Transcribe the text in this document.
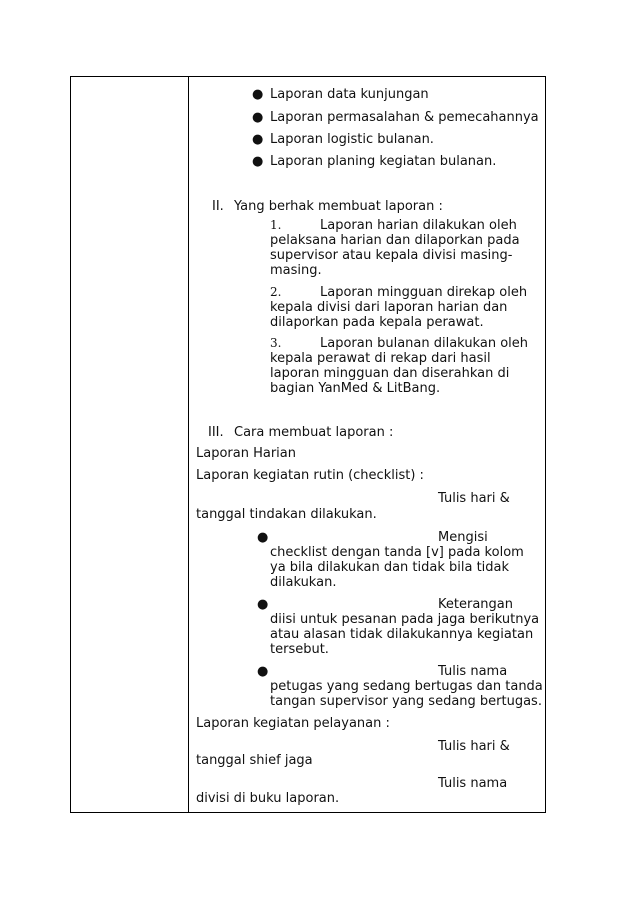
● Laporan data kunjungan
● Laporan permasalahan & pemecahannya
● Laporan logistic bulanan.
● Laporan planing kegiatan bulanan.
II. Yang berhak membuat laporan :
1.	Laporan harian dilakukan oleh
pelaksana harian dan dilaporkan pada
supervisor atau kepala divisi masing-
masing.
2.	Laporan mingguan direkap oleh
kepala divisi dari laporan harian dan
dilaporkan pada kepala perawat.
3.	Laporan bulanan dilakukan oleh
kepala perawat di rekap dari hasil
laporan mingguan dan diserahkan di
bagian YanMed & LitBang.
III. Cara membuat laporan :
Laporan Harian
Laporan kegiatan rutin (checklist) :
Tulis hari &
tanggal tindakan dilakukan.
●	Mengisi
checklist dengan tanda [v] pada kolom
ya bila dilakukan dan tidak bila tidak
dilakukan.
●	Keterangan
diisi untuk pesanan pada jaga berikutnya
atau alasan tidak dilakukannya kegiatan
tersebut.
●	Tulis nama
petugas yang sedang bertugas dan tanda
tangan supervisor yang sedang bertugas.
Laporan kegiatan pelayanan :
Tulis hari &
tanggal shief jaga
Tulis nama
divisi di buku laporan.
